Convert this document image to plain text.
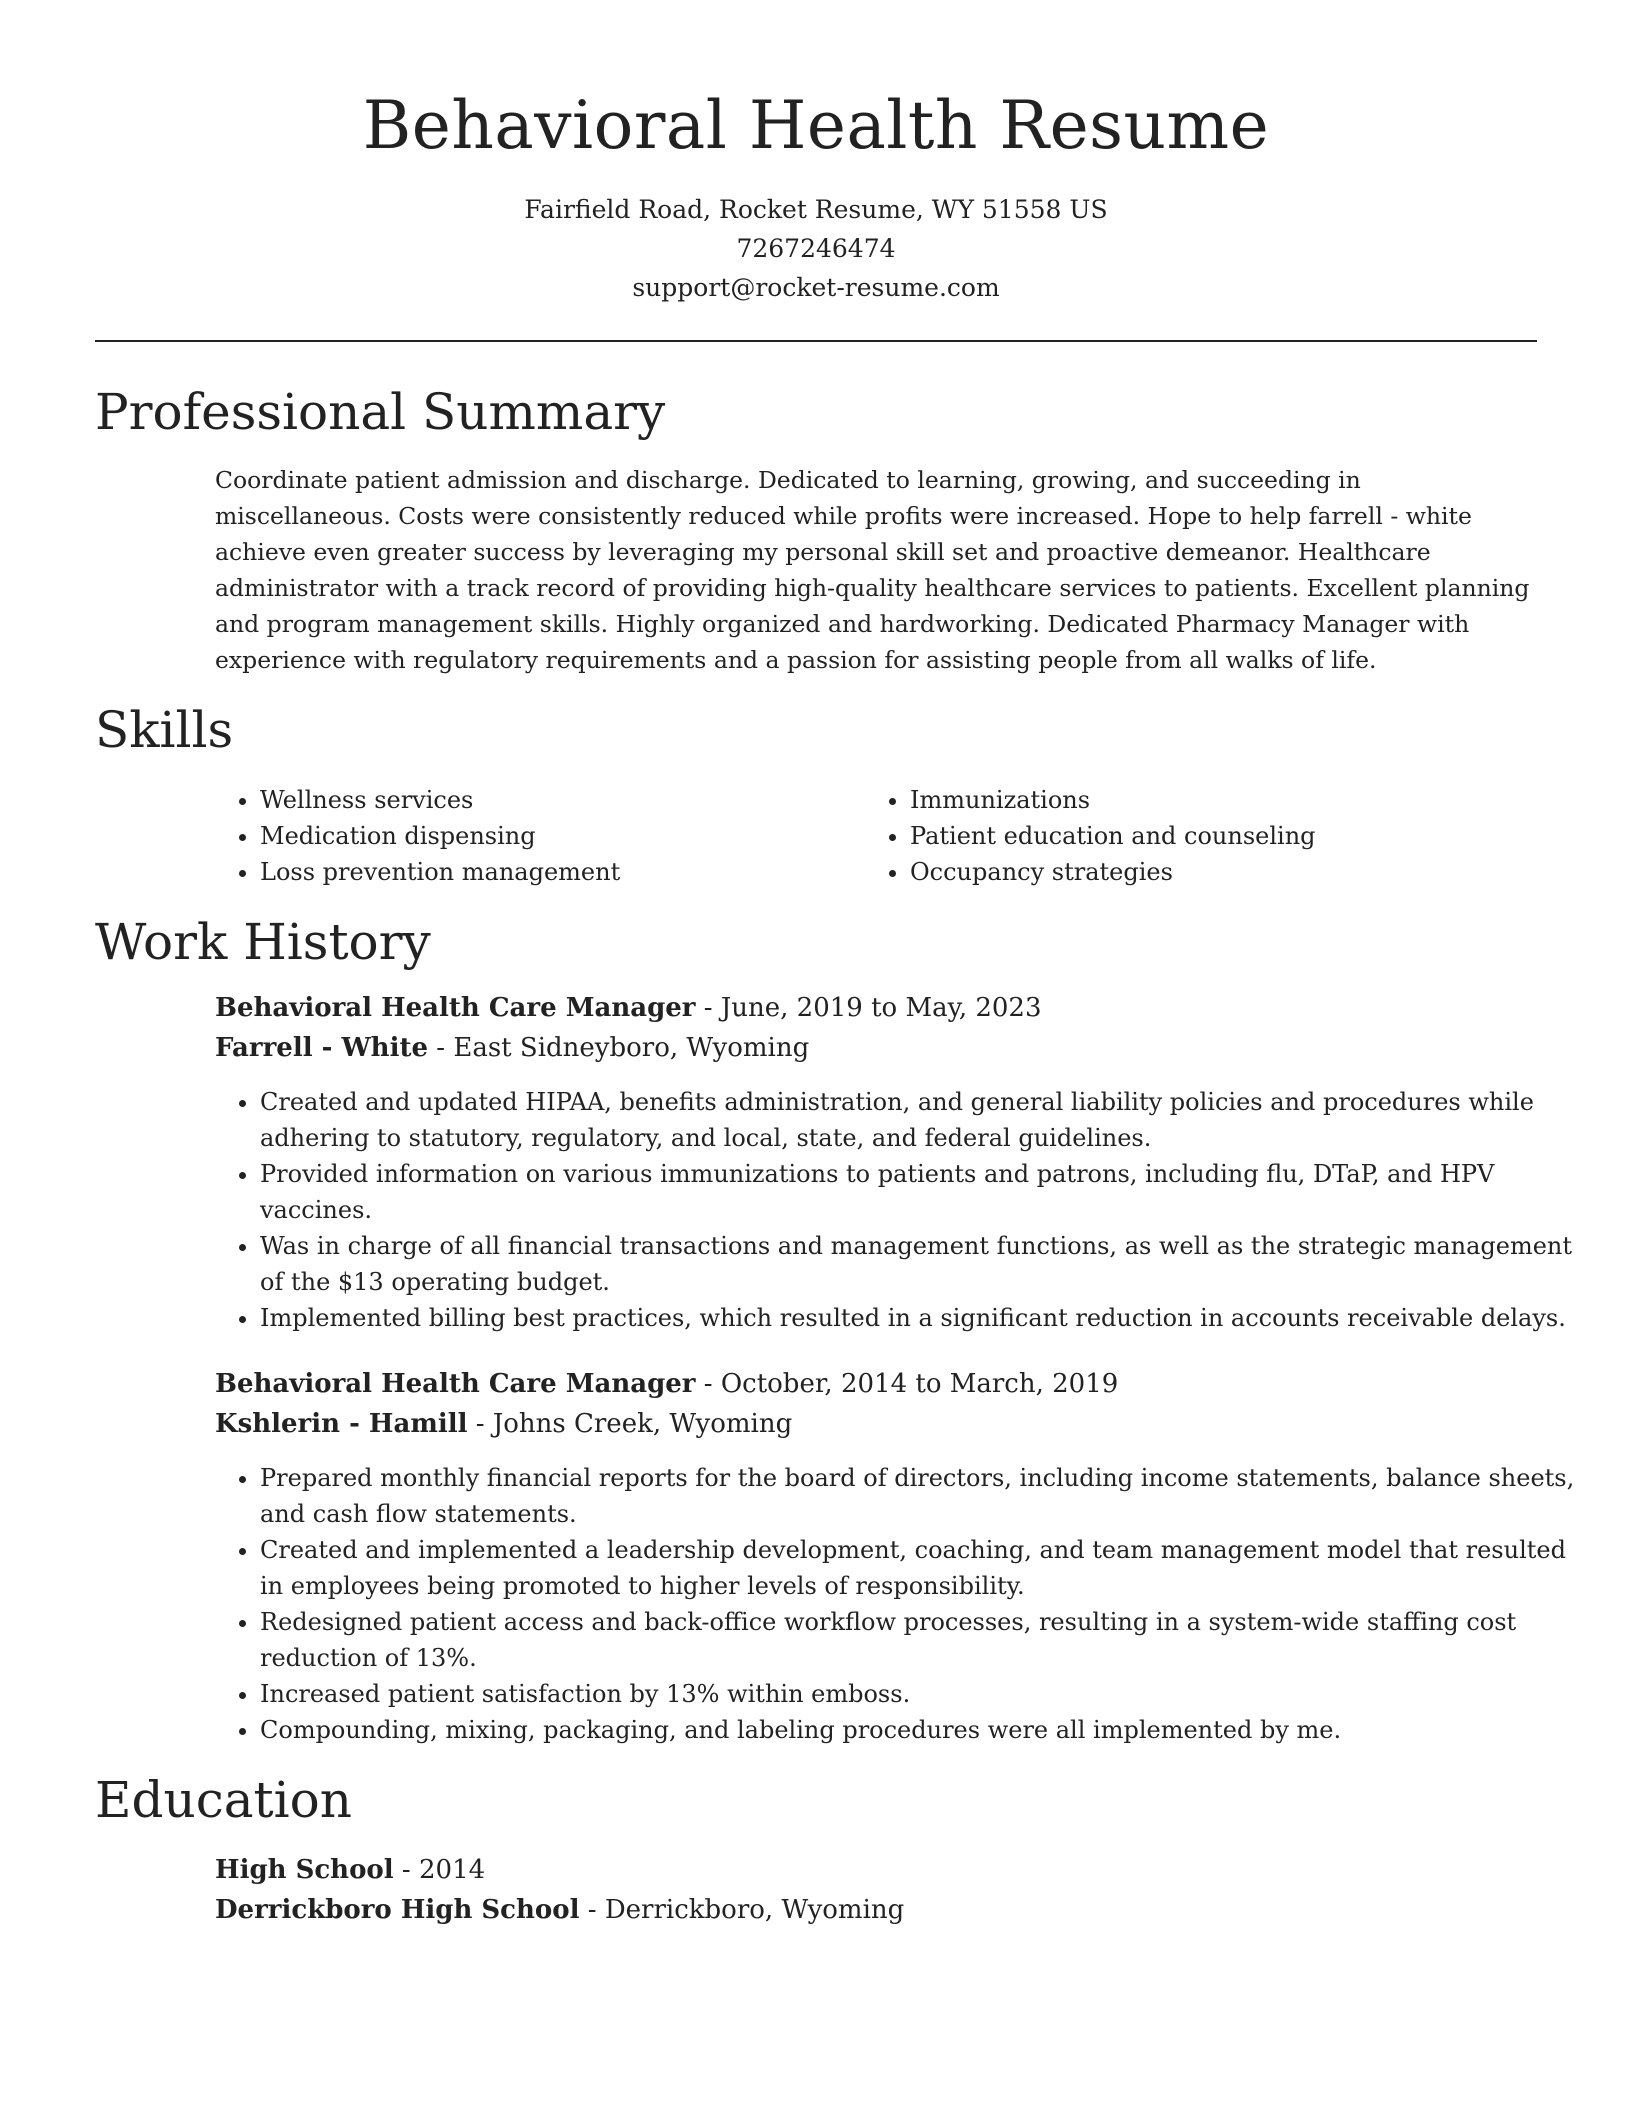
Behavioral Health Resume
Fairfield Road, Rocket Resume, WY 51558 US
7267246474
support@rocket-resume.com
Professional Summary

Coordinate patient admission and discharge. Dedicated to learning, growing, and succeeding in miscellaneous. Costs were consistently reduced while profits were increased. Hope to help farrell - white achieve even greater success by leveraging my personal skill set and proactive demeanor. Healthcare administrator with a track record of providing high-quality healthcare services to patients. Excellent planning and program management skills. Highly organized and hardworking. Dedicated Pharmacy Manager with experience with regulatory requirements and a passion for assisting people from all walks of life.

Skills
• Wellness services
• Medication dispensing
• Loss prevention management
• Immunizations
• Patient education and counseling
• Occupancy strategies
Work History
Behavioral Health Care Manager - June, 2019 to May, 2023
Farrell - White - East Sidneyboro, Wyoming
• Created and updated HIPAA, benefits administration, and general liability policies and procedures while adhering to statutory, regulatory, and local, state, and federal guidelines.
• Provided information on various immunizations to patients and patrons, including flu, DTaP, and HPV vaccines.
• Was in charge of all financial transactions and management functions, as well as the strategic management of the $13 operating budget.
• Implemented billing best practices, which resulted in a significant reduction in accounts receivable delays.
Behavioral Health Care Manager - October, 2014 to March, 2019
Kshlerin - Hamill - Johns Creek, Wyoming
• Prepared monthly financial reports for the board of directors, including income statements, balance sheets, and cash flow statements.
• Created and implemented a leadership development, coaching, and team management model that resulted in employees being promoted to higher levels of responsibility.
• Redesigned patient access and back-office workflow processes, resulting in a system-wide staffing cost reduction of 13%.
• Increased patient satisfaction by 13% within emboss.
• Compounding, mixing, packaging, and labeling procedures were all implemented by me.
Education
High School - 2014
Derrickboro High School - Derrickboro, Wyoming
